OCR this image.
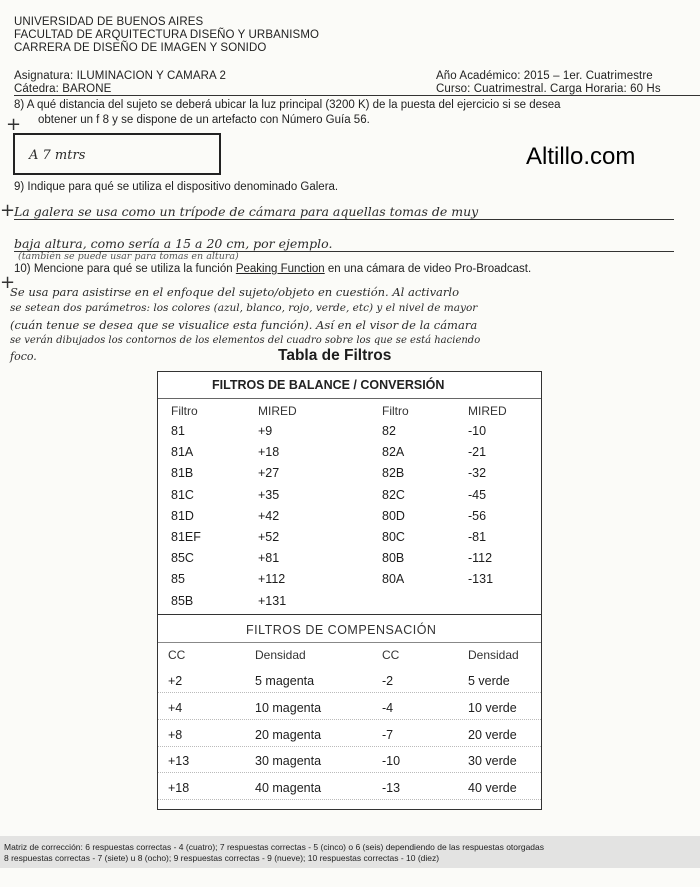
UNIVERSIDAD DE BUENOS AIRES
FACULTAD DE ARQUITECTURA DISEÑO Y URBANISMO
CARRERA DE DISEÑO DE IMAGEN Y SONIDO
Asignatura: ILUMINACION Y CAMARA 2
Cátedra: BARONE
Año Académico: 2015 – 1er. Cuatrimestre
Curso: Cuatrimestral. Carga Horaria: 60 Hs
8) A qué distancia del sujeto se deberá ubicar la luz principal (3200 K) de la puesta del ejercicio si se desea
obtener un f 8 y se dispone de un artefacto con Número Guía 56.
+
A 7 mtrs	Altillo.com
9) Indique para qué se utiliza el dispositivo denominado Galera.
+
La galera se usa como un trípode de cámara para aquellas tomas de muy
baja altura, como sería a 15 a 20 cm, por ejemplo.
(también se puede usar para tomas en altura)
10) Mencione para qué se utiliza la función Peaking Function en una cámara de video Pro-Broadcast.
+
Se usa para asistirse en el enfoque del sujeto/objeto en cuestión. Al activarlo
se setean dos parámetros: los colores (azul, blanco, rojo, verde, etc) y el nivel de mayor
(cuán tenue se desea que se visualice esta función). Así en el visor de la cámara
se verán dibujados los contornos de los elementos del cuadro sobre los que se está haciendo
foco.	Tabla de Filtros
FILTROS DE BALANCE / CONVERSIÓN
Filtro	MIRED	Filtro	MIRED
81	+9	82	-10
81A	+18	82A	-21
81B	+27	82B	-32
81C	+35	82C	-45
81D	+42	80D	-56
81EF	+52	80C	-81
85C	+81	80B	-112
85	+112	80A	-131
85B	+131
FILTROS DE COMPENSACIÓN
CC	Densidad	CC	Densidad
+2	5 magenta	-2	5 verde
+4	10 magenta	-4	10 verde
+8	20 magenta	-7	20 verde
+13	30 magenta	-10	30 verde
+18	40 magenta	-13	40 verde
Matriz de corrección: 6 respuestas correctas - 4 (cuatro); 7 respuestas correctas - 5 (cinco) o 6 (seis) dependiendo de las respuestas otorgadas
8 respuestas correctas - 7 (siete) u 8 (ocho); 9 respuestas correctas - 9 (nueve); 10 respuestas correctas - 10 (diez)
